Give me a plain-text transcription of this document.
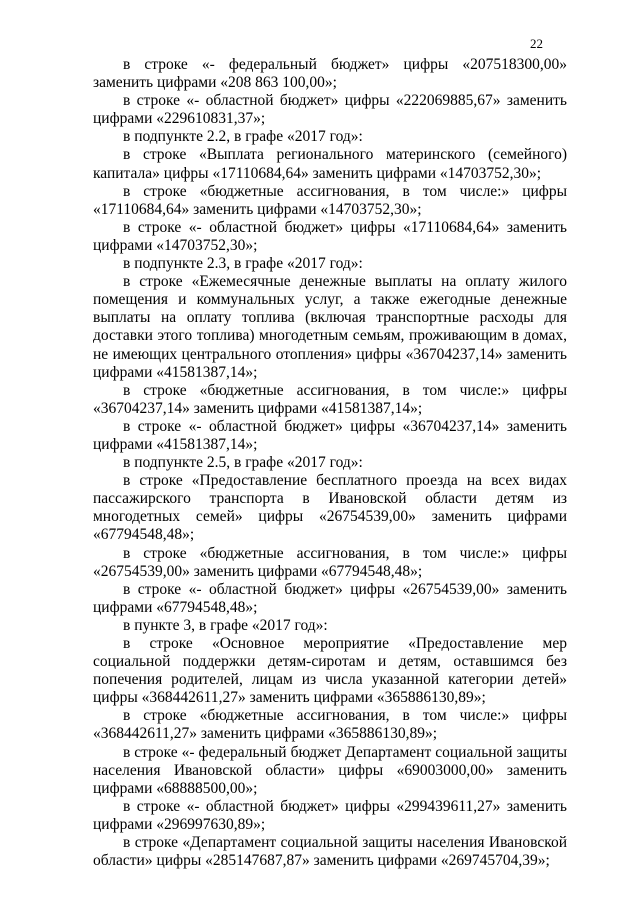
22

в строке «- федеральный бюджет» цифры «207518300,00» заменить цифрами «208 863 100,00»;

в строке «- областной бюджет» цифры «222069885,67» заменить цифрами «229610831,37»;

в подпункте 2.2, в графе «2017 год»:

в строке «Выплата регионального материнского (семейного) капитала» цифры «17110684,64» заменить цифрами «14703752,30»;

в строке «бюджетные ассигнования, в том числе:» цифры «17110684,64» заменить цифрами «14703752,30»;

в строке «- областной бюджет» цифры «17110684,64» заменить цифрами «14703752,30»;

в подпункте 2.3, в графе «2017 год»:

в строке «Ежемесячные денежные выплаты на оплату жилого помещения и коммунальных услуг, а также ежегодные денежные выплаты на оплату топлива (включая транспортные расходы для доставки этого топлива) многодетным семьям, проживающим в домах, не имеющих центрального отопления» цифры «36704237,14» заменить цифрами «41581387,14»;

в строке «бюджетные ассигнования, в том числе:» цифры «36704237,14» заменить цифрами «41581387,14»;

в строке «- областной бюджет» цифры «36704237,14» заменить цифрами «41581387,14»;

в подпункте 2.5, в графе «2017 год»:

в строке «Предоставление бесплатного проезда на всех видах пассажирского транспорта в Ивановской области детям из многодетных семей» цифры «26754539,00» заменить цифрами «67794548,48»;

в строке «бюджетные ассигнования, в том числе:» цифры «26754539,00» заменить цифрами «67794548,48»;

в строке «- областной бюджет» цифры «26754539,00» заменить цифрами «67794548,48»;

в пункте 3, в графе «2017 год»:

в строке «Основное мероприятие «Предоставление мер социальной поддержки детям-сиротам и детям, оставшимся без попечения родителей, лицам из числа указанной категории детей» цифры «368442611,27» заменить цифрами «365886130,89»;

в строке «бюджетные ассигнования, в том числе:» цифры «368442611,27» заменить цифрами «365886130,89»;

в строке «- федеральный бюджет Департамент социальной защиты населения Ивановской области» цифры «69003000,00» заменить цифрами «68888500,00»;

в строке «- областной бюджет» цифры «299439611,27» заменить цифрами «296997630,89»;

в строке «Департамент социальной защиты населения Ивановской области» цифры «285147687,87» заменить цифрами «269745704,39»;
